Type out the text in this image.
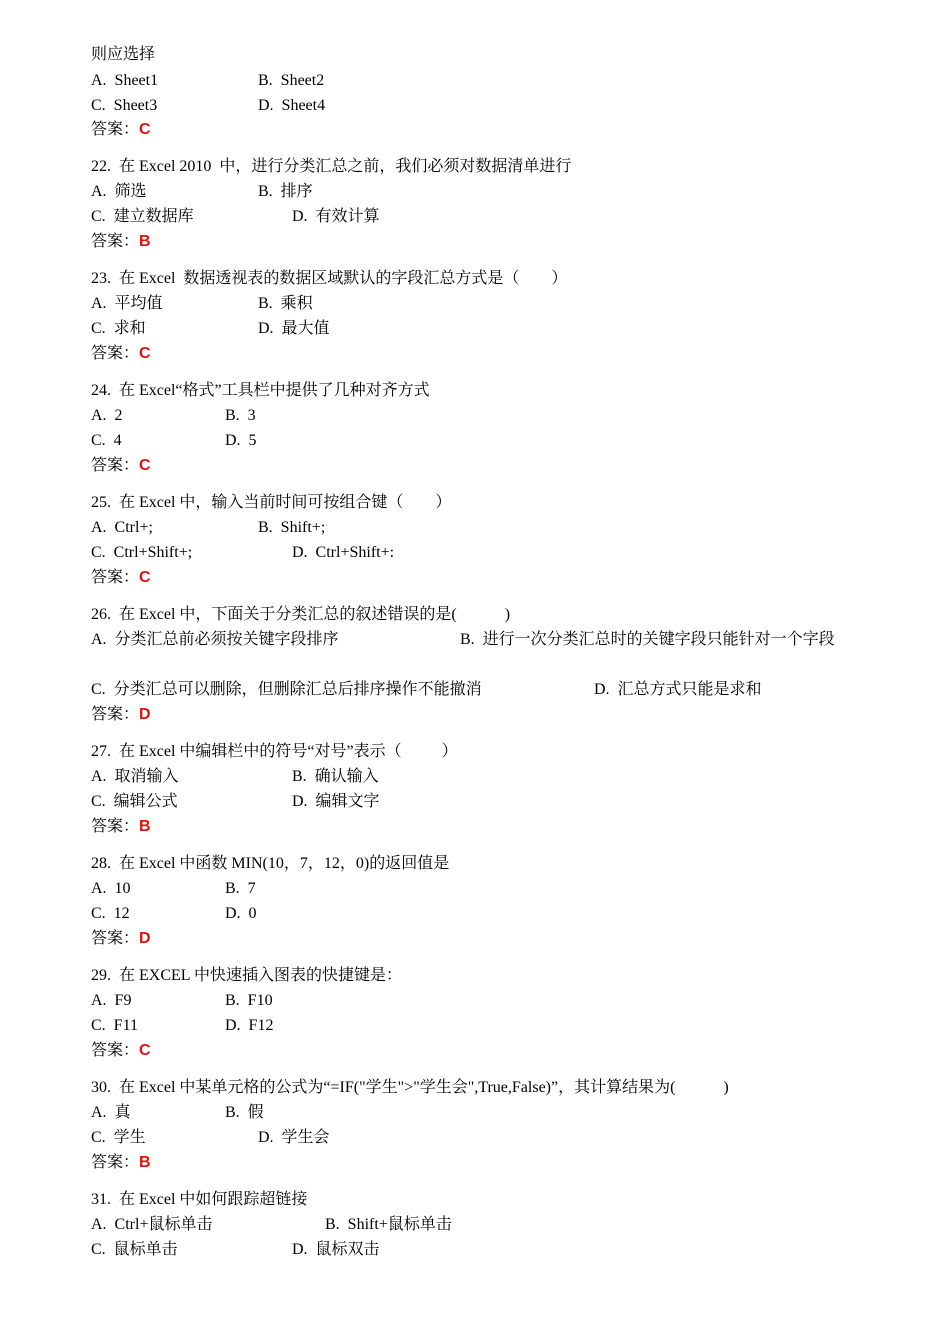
则应选择
A.  Sheet1	B.  Sheet2
C.  Sheet3	D.  Sheet4
答案：C
22.  在 Excel 2010  中，进行分类汇总之前，我们必须对数据清单进行
A.  筛选	B.  排序
C.  建立数据库	D.  有效计算
答案：B
23.  在 Excel  数据透视表的数据区域默认的字段汇总方式是（        ）
A.  平均值	B.  乘积
C.  求和	D.  最大值
答案：C
24.  在 Excel“格式”工具栏中提供了几种对齐方式
A.  2	B.  3
C.  4	D.  5
答案：C
25.  在 Excel 中，输入当前时间可按组合键（        ）
A.  Ctrl+;	B.  Shift+;
C.  Ctrl+Shift+;	D.  Ctrl+Shift+:
答案：C
26.  在 Excel 中，下面关于分类汇总的叙述错误的是(            )
A.  分类汇总前必须按关键字段排序	B.  进行一次分类汇总时的关键字段只能针对一个字段
C.  分类汇总可以删除，但删除汇总后排序操作不能撤消	D.  汇总方式只能是求和
答案：D
27.  在 Excel 中编辑栏中的符号“对号”表示（          ）
A.  取消输入	B.  确认输入
C.  编辑公式	D.  编辑文字
答案：B
28.  在 Excel 中函数 MIN(10，7，12，0)的返回值是
A.  10	B.  7
C.  12	D.  0
答案：D
29.  在 EXCEL 中快速插入图表的快捷键是：
A.  F9	B.  F10
C.  F11	D.  F12
答案：C
30.  在 Excel 中某单元格的公式为“=IF("学生">"学生会",True,False)”，其计算结果为(            )
A.  真	B.  假
C.  学生	D.  学生会
答案：B
31.  在 Excel 中如何跟踪超链接
A.  Ctrl+鼠标单击	B.  Shift+鼠标单击
C.  鼠标单击	D.  鼠标双击
